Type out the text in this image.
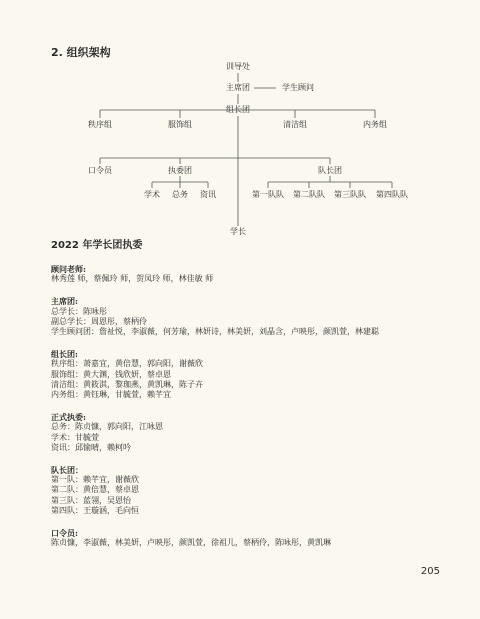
2. 组织架构
训导处
主席团	学生顾问
组长团
秩序组	服饰组	清洁组	内务组
口令员	执委团	队长团
学术 总务 资讯	第一队队 第二队队 第三队队 第四队队
学长
2022 年学长团执委
顾问老师:
林秀莲 师，蔡佩玲 师，贺凤玲 师，林佳敏 师
主席团:
总学长：陈咏彤
副总学长：周恩彤，蔡柄伶
学生顾问团：詹祉悦，李淑薇，何芳瑜，林妍诗，林美妍，刘晶含，卢映彤，颜凯萱，林建聪
组长团:
秩序组：萧嘉宜，黄倍慧，郭向阳，谢薇欣
服饰组：黄大渊，钱欣妍，蔡卓恩
清洁组：黄筱淇，黎珈燕，黄凯琳，陈子卉
内务组：黄钰琳，甘毓萱，赖芊宜
正式执委:
总务：陈贞慷，郭向阳，江咏恩
学术：甘毓萱
资讯：邱愉晴，赖柯吟
队长团：
第一队：赖芊宜，谢薇欣
第二队：黄倍慧，蔡卓恩
第三队：蓝翎，吴恩怡
第四队：王璇涵，毛向恒
口令员:
陈贞慷，李淑薇，林美妍，卢映彤，颜凯萱，徐祖儿，蔡柄伶，陈咏彤，黄凯琳
205
